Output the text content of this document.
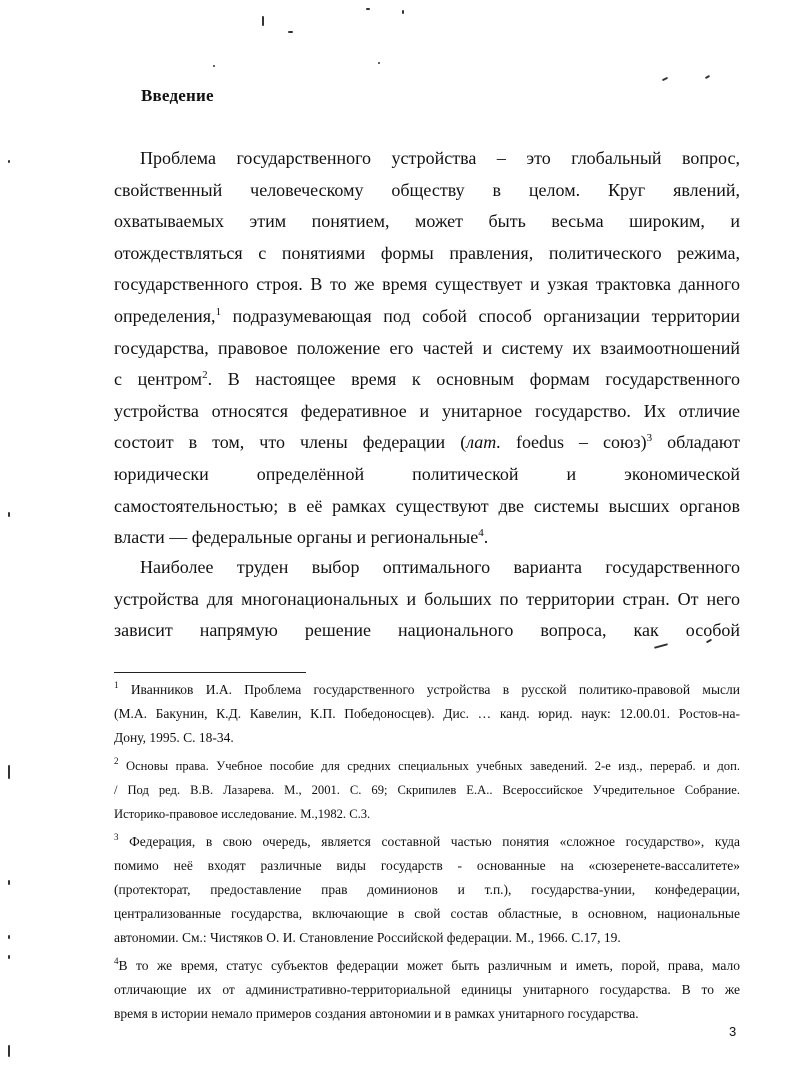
Введение
Проблема государственного устройства – это глобальный вопрос,
свойственный человеческому обществу в целом. Круг явлений,
охватываемых этим понятием, может быть весьма широким, и
отождествляться с понятиями формы правления, политического режима,
государственного строя. В то же время существует и узкая трактовка данного
определения,$^1$ подразумевающая под собой способ организации территории
государства, правовое положение его частей и систему их взаимоотношений
с центром$^2$. В настоящее время к основным формам государственного
устройства относятся федеративное и унитарное государство. Их отличие
состоит в том, что члены федерации (лат. foedus – союз)$^3$ обладают
юридически определённой политической и экономической
самостоятельностью; в её рамках существуют две системы высших органов
власти — федеральные органы и региональные$^4$.
Наиболее труден выбор оптимального варианта государственного
устройства для многонациональных и больших по территории стран. От него
зависит напрямую решение национального вопроса, как особой
$^1$ Иванников И.А. Проблема государственного устройства в русской политико-правовой мысли
(М.А. Бакунин, К.Д. Кавелин, К.П. Победоносцев). Дис. … канд. юрид. наук: 12.00.01. Ростов-на-
Дону, 1995. С. 18-34.
$^2$ Основы права. Учебное пособие для средних специальных учебных заведений. 2-е изд., перераб. и доп.
/ Под ред. В.В. Лазарева. М., 2001. С. 69; Скрипилев Е.А.. Всероссийское Учредительное Собрание.
Историко-правовое исследование. М.,1982. С.3.
$^3$ Федерация, в свою очередь, является составной частью понятия «сложное государство», куда
помимо неё входят различные виды государств - основанные на «сюзеренете-вассалитете»
(протекторат, предоставление прав доминионов и т.п.), государства-унии, конфедерации,
централизованные государства, включающие в свой состав областные, в основном, национальные
автономии. См.: Чистяков О. И. Становление Российской федерации. М., 1966. С.17, 19.
$^4$В то же время, статус субъектов федерации может быть различным и иметь, порой, права, мало
отличающие их от административно-территориальной единицы унитарного государства. В то же
время в истории немало примеров создания автономии и в рамках унитарного государства.
3
